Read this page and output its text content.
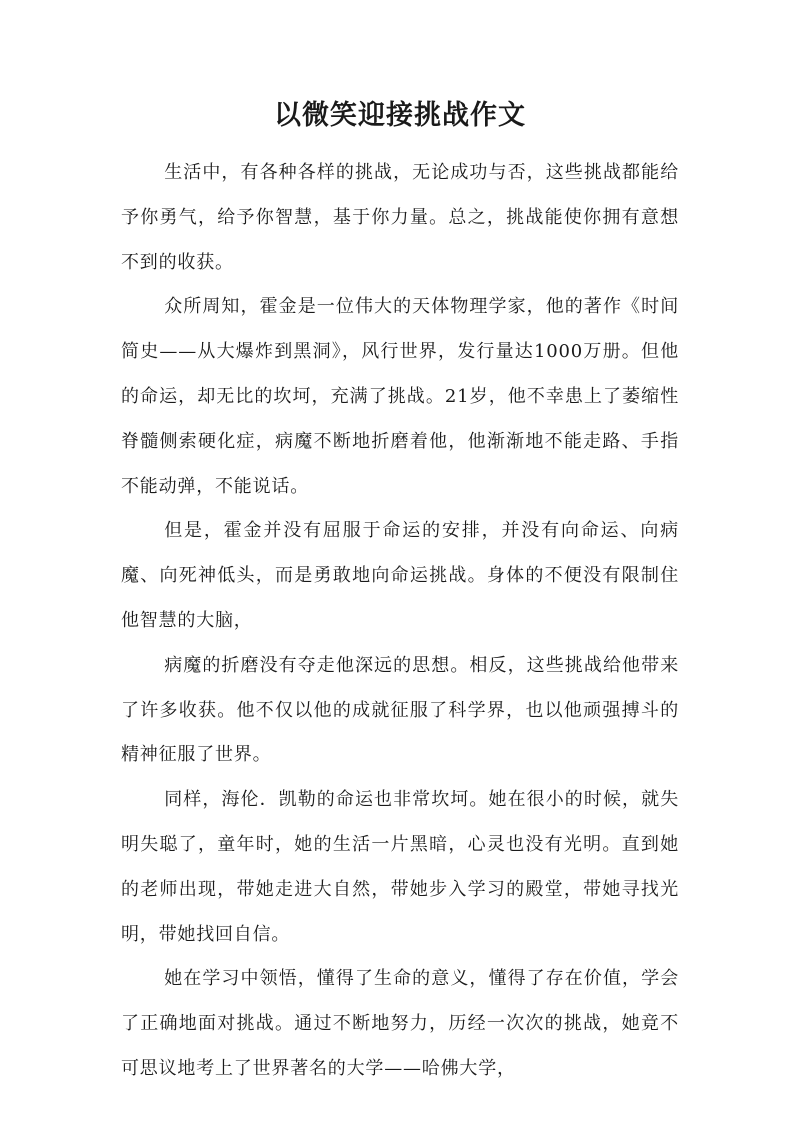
以微笑迎接挑战作文

生活中，有各种各样的挑战，无论成功与否，这些挑战都能给予你勇气，给予你智慧，基于你力量。总之，挑战能使你拥有意想不到的收获。

众所周知，霍金是一位伟大的天体物理学家，他的著作《时间简史——从大爆炸到黑洞》，风行世界，发行量达1000万册。但他的命运，却无比的坎坷，充满了挑战。21岁，他不幸患上了萎缩性脊髓侧索硬化症，病魔不断地折磨着他，他渐渐地不能走路、手指不能动弹，不能说话。

但是，霍金并没有屈服于命运的安排，并没有向命运、向病魔、向死神低头，而是勇敢地向命运挑战。身体的不便没有限制住他智慧的大脑，

病魔的折磨没有夺走他深远的思想。相反，这些挑战给他带来了许多收获。他不仅以他的成就征服了科学界，也以他顽强搏斗的精神征服了世界。

同样，海伦．凯勒的命运也非常坎坷。她在很小的时候，就失明失聪了，童年时，她的生活一片黑暗，心灵也没有光明。直到她的老师出现，带她走进大自然，带她步入学习的殿堂，带她寻找光明，带她找回自信。

她在学习中领悟，懂得了生命的意义，懂得了存在价值，学会了正确地面对挑战。通过不断地努力，历经一次次的挑战，她竟不可思议地考上了世界著名的大学——哈佛大学，
